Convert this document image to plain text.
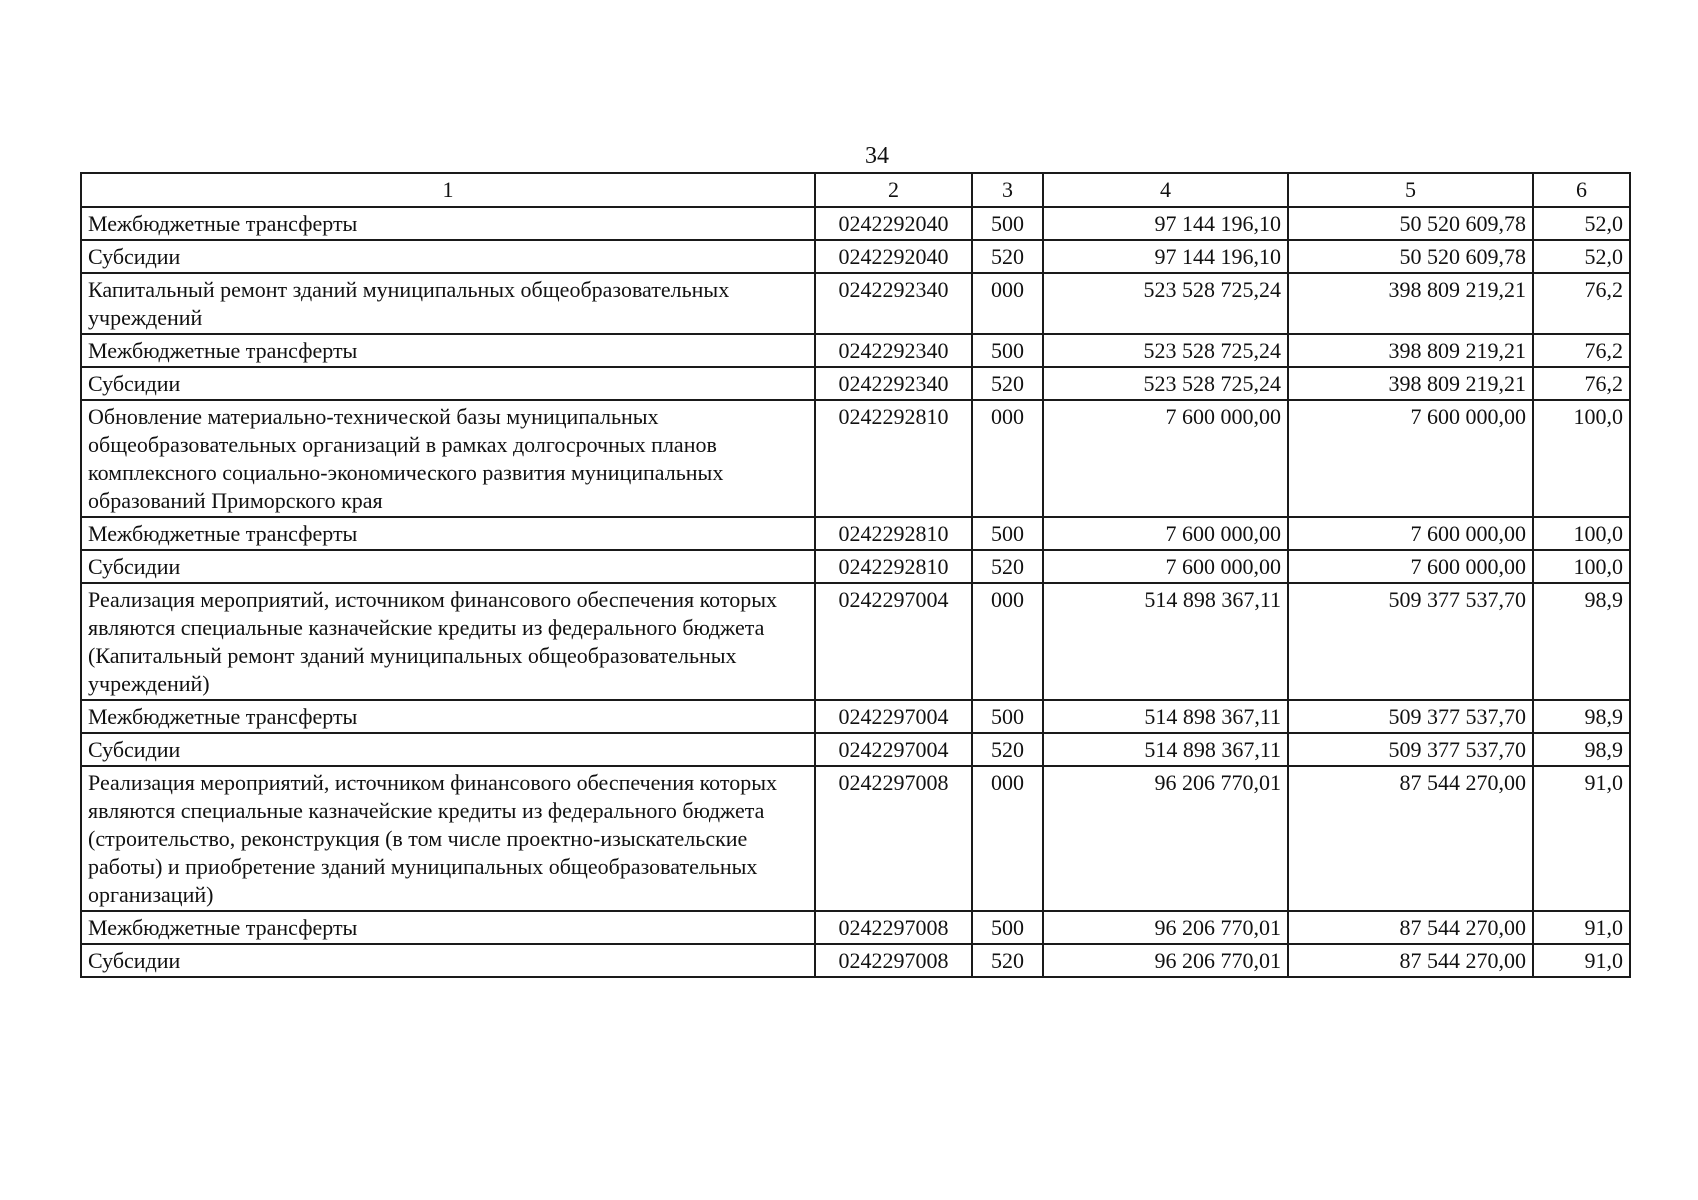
34
1	2	3	4	5	6
Межбюджетные трансферты	0242292040	500	97 144 196,10	50 520 609,78	52,0
Субсидии	0242292040	520	97 144 196,10	50 520 609,78	52,0
Капитальный ремонт зданий муниципальных общеобразовательных учреждений	0242292340	000	523 528 725,24	398 809 219,21	76,2
Межбюджетные трансферты	0242292340	500	523 528 725,24	398 809 219,21	76,2
Субсидии	0242292340	520	523 528 725,24	398 809 219,21	76,2
Обновление материально-технической базы муниципальных общеобразовательных организаций в рамках долгосрочных планов комплексного социально-экономического развития муниципальных образований Приморского края	0242292810	000	7 600 000,00	7 600 000,00	100,0
Межбюджетные трансферты	0242292810	500	7 600 000,00	7 600 000,00	100,0
Субсидии	0242292810	520	7 600 000,00	7 600 000,00	100,0
Реализация мероприятий, источником финансового обеспечения которых являются специальные казначейские кредиты из федерального бюджета (Капитальный ремонт зданий муниципальных общеобразовательных учреждений)	0242297004	000	514 898 367,11	509 377 537,70	98,9
Межбюджетные трансферты	0242297004	500	514 898 367,11	509 377 537,70	98,9
Субсидии	0242297004	520	514 898 367,11	509 377 537,70	98,9
Реализация мероприятий, источником финансового обеспечения которых являются специальные казначейские кредиты из федерального бюджета (строительство, реконструкция (в том числе проектно-изыскательские работы) и приобретение зданий муниципальных общеобразовательных организаций)	0242297008	000	96 206 770,01	87 544 270,00	91,0
Межбюджетные трансферты	0242297008	500	96 206 770,01	87 544 270,00	91,0
Субсидии	0242297008	520	96 206 770,01	87 544 270,00	91,0
